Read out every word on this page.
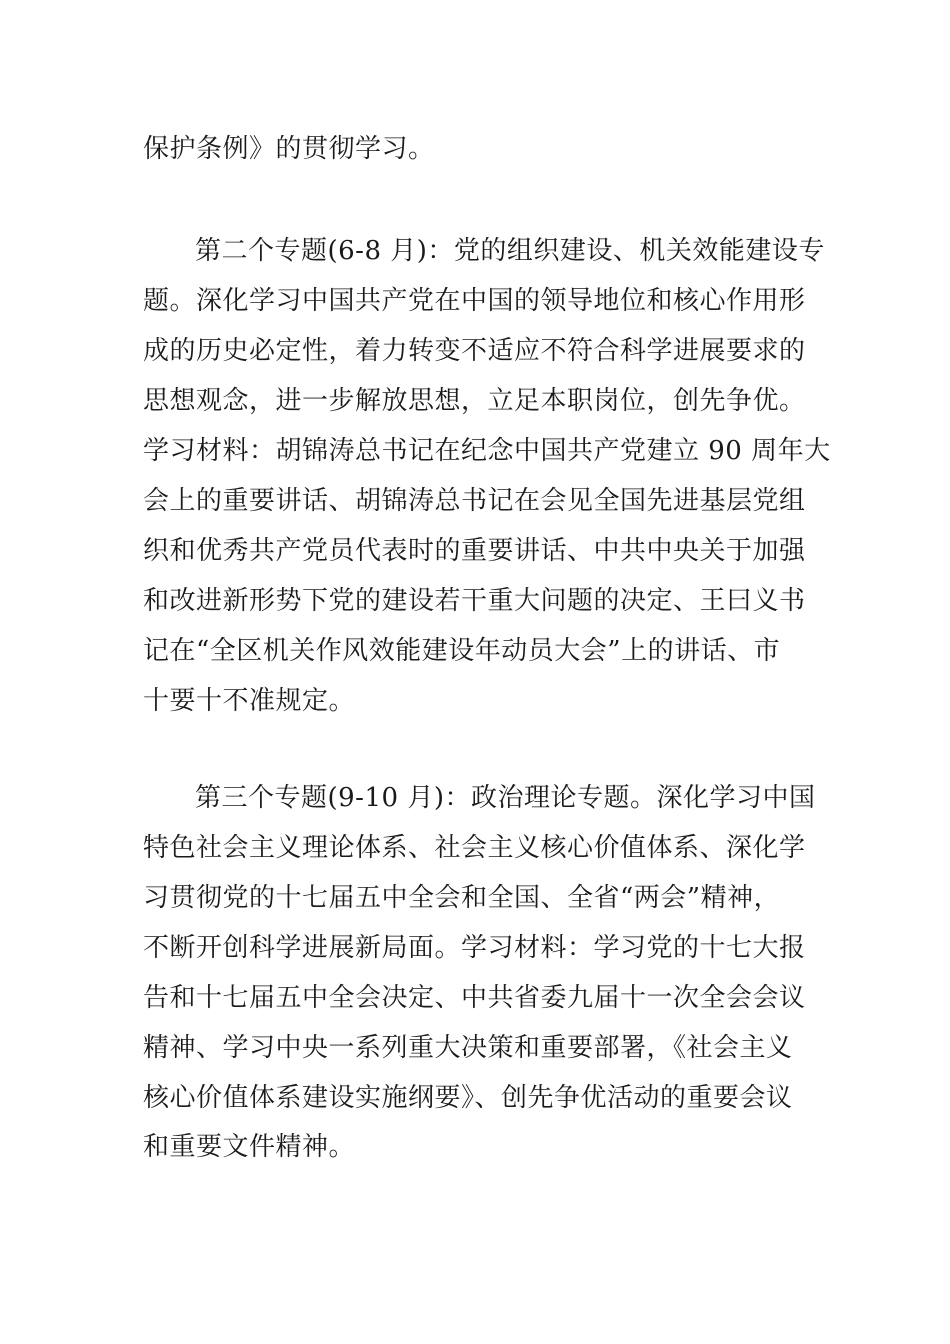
保护条例》的贯彻学习。
第二个专题(6-8 月)：党的组织建设、机关效能建设专
题。深化学习中国共产党在中国的领导地位和核心作用形
成的历史必定性，着力转变不适应不符合科学进展要求的
思想观念，进一步解放思想，立足本职岗位，创先争优。
学习材料：胡锦涛总书记在纪念中国共产党建立 90 周年大
会上的重要讲话、胡锦涛总书记在会见全国先进基层党组
织和优秀共产党员代表时的重要讲话、中共中央关于加强
和改进新形势下党的建设若干重大问题的决定、王曰义书
记在“全区机关作风效能建设年动员大会”上的讲话、市
十要十不准规定。
第三个专题(9-10 月)：政治理论专题。深化学习中国
特色社会主义理论体系、社会主义核心价值体系、深化学
习贯彻党的十七届五中全会和全国、全省“两会”精神，
不断开创科学进展新局面。学习材料：学习党的十七大报
告和十七届五中全会决定、中共省委九届十一次全会会议
精神、学习中央一系列重大决策和重要部署，《社会主义
核心价值体系建设实施纲要》、创先争优活动的重要会议
和重要文件精神。
